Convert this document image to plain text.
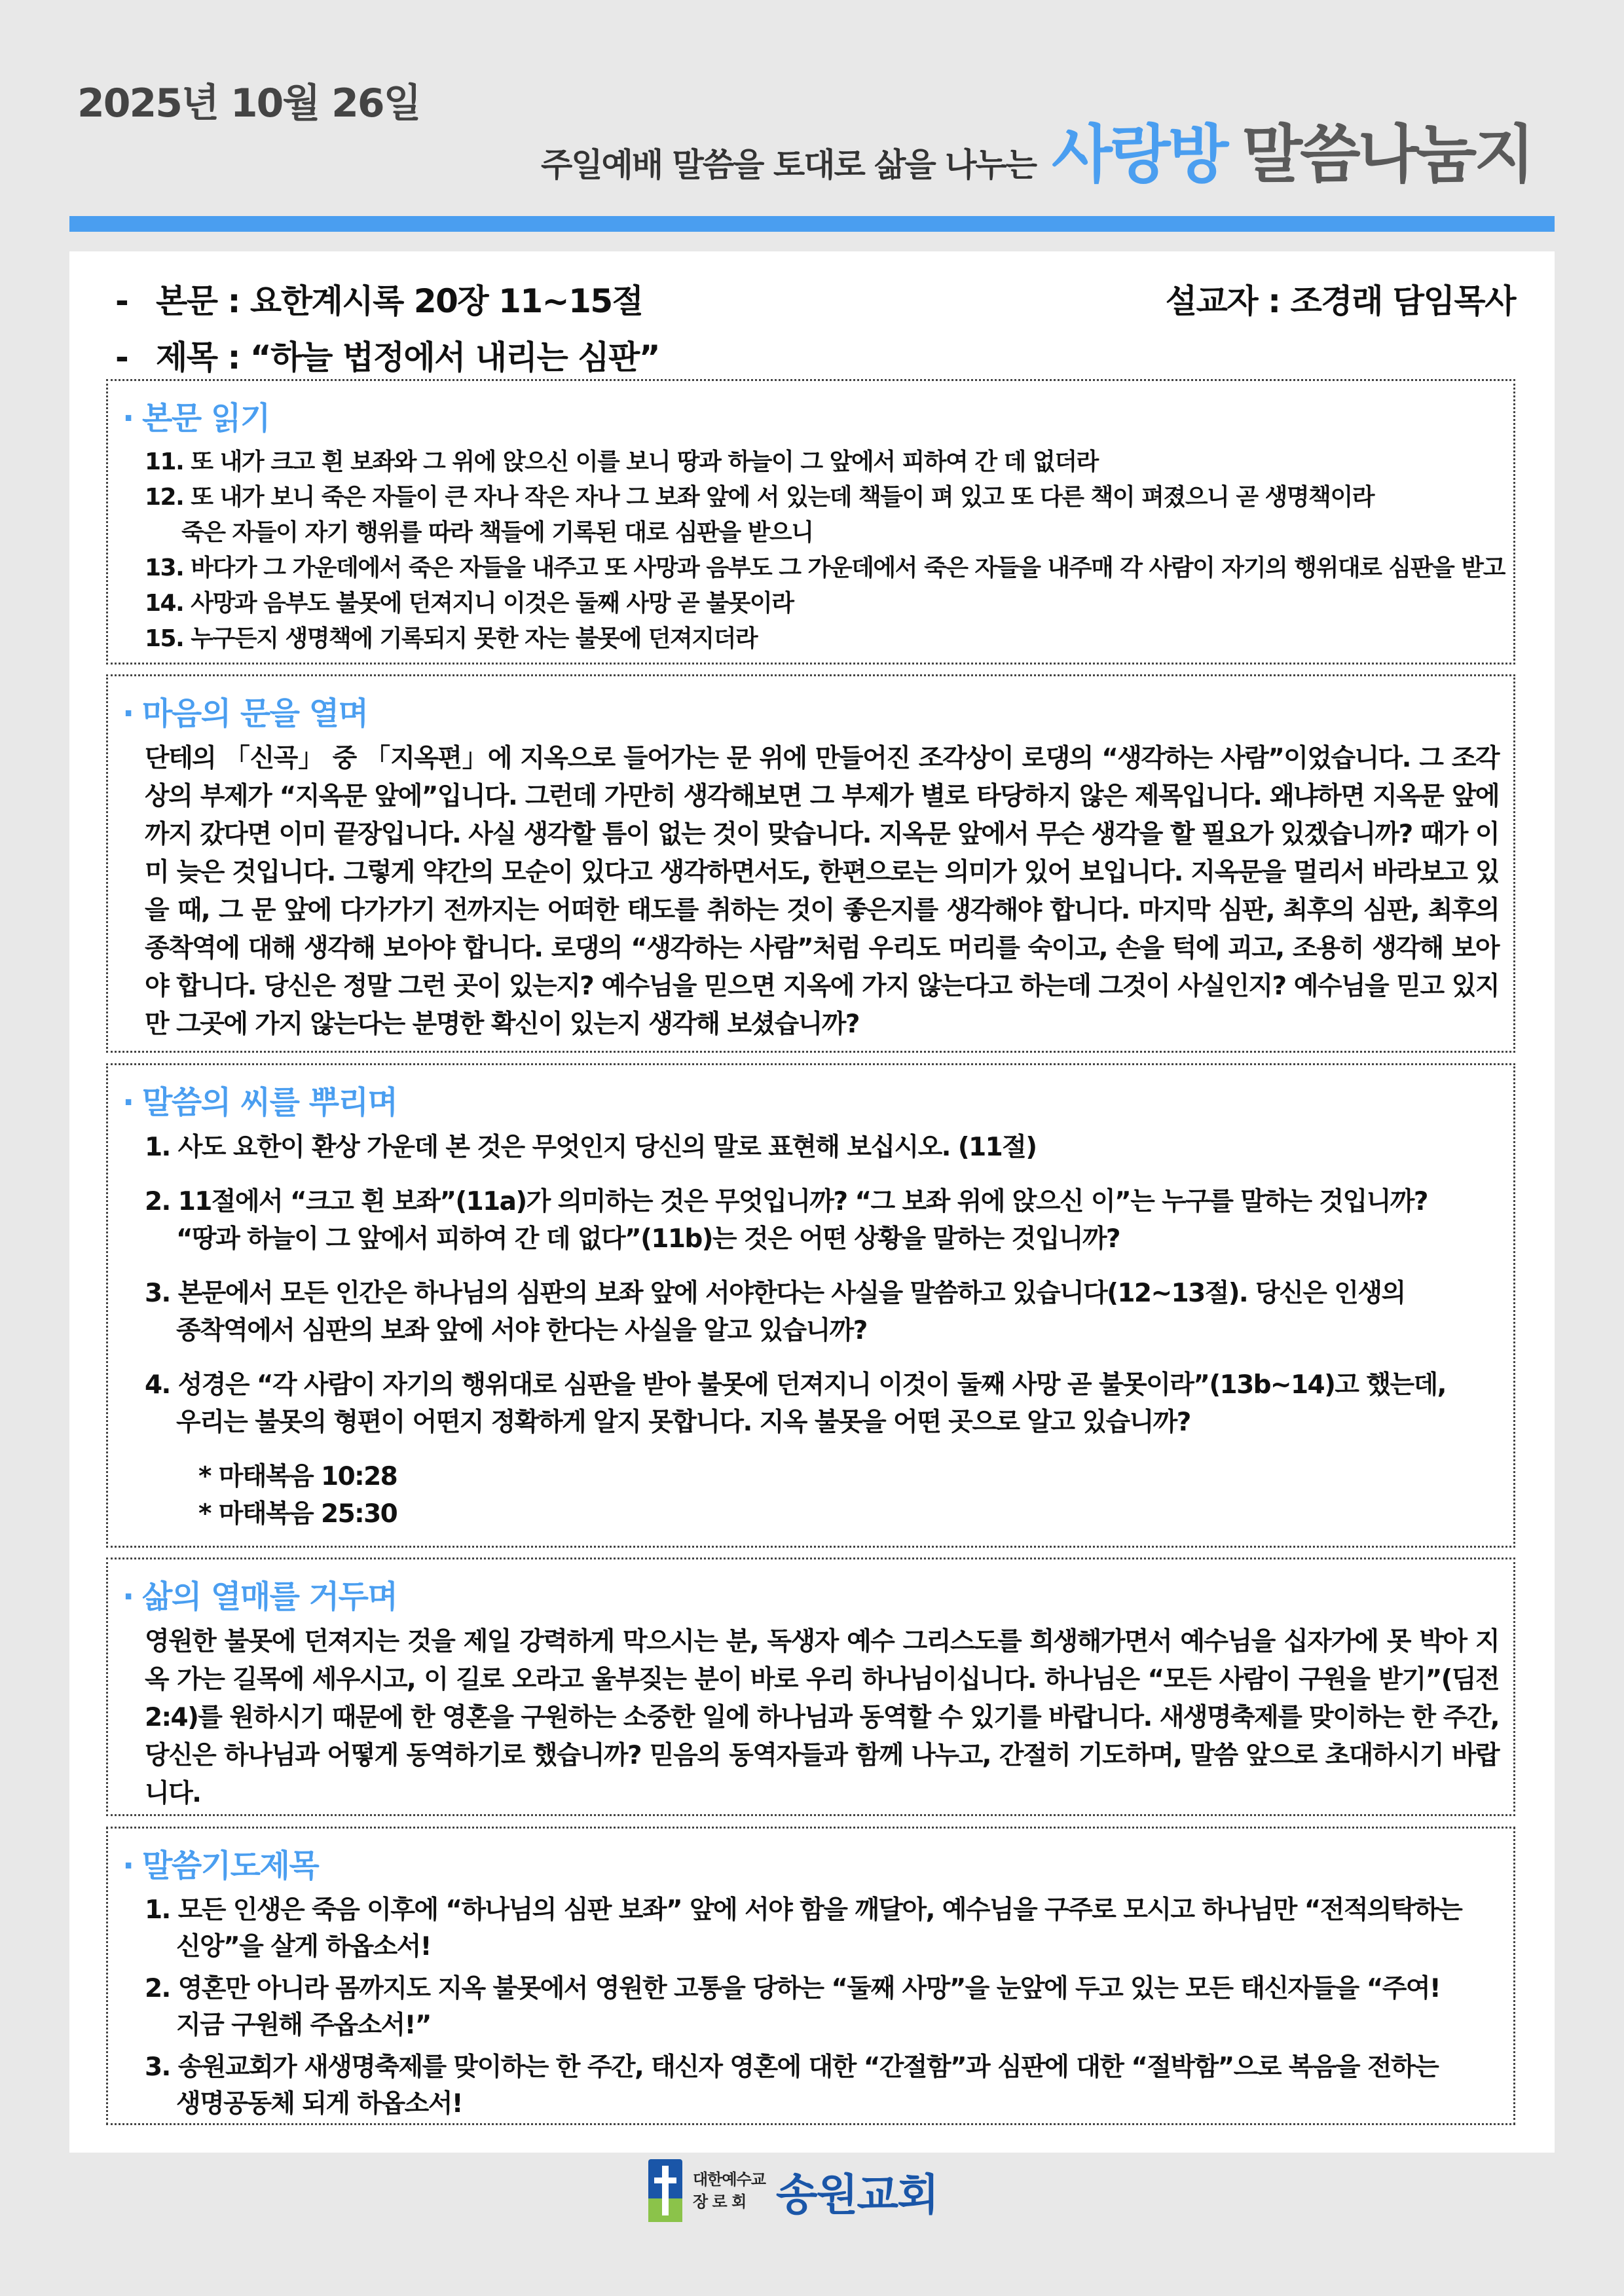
2025년 10월 26일
주일예배 말씀을 토대로 삶을 나누는 사랑방 말씀나눔지
- 본문 : 요한계시록 20장 11~15절
- 제목 : “하늘 법정에서 내리는 심판”
설교자 : 조경래 담임목사
· 본문 읽기
11. 또 내가 크고 흰 보좌와 그 위에 앉으신 이를 보니 땅과 하늘이 그 앞에서 피하여 간 데 없더라
12. 또 내가 보니 죽은 자들이 큰 자나 작은 자나 그 보좌 앞에 서 있는데 책들이 펴 있고 또 다른 책이 펴졌으니 곧 생명책이라
죽은 자들이 자기 행위를 따라 책들에 기록된 대로 심판을 받으니
13. 바다가 그 가운데에서 죽은 자들을 내주고 또 사망과 음부도 그 가운데에서 죽은 자들을 내주매 각 사람이 자기의 행위대로 심판을 받고
14. 사망과 음부도 불못에 던져지니 이것은 둘째 사망 곧 불못이라
15. 누구든지 생명책에 기록되지 못한 자는 불못에 던져지더라
· 마음의 문을 열며

단테의 「신곡」 중 「지옥편」에 지옥으로 들어가는 문 위에 만들어진 조각상이 로댕의 “생각하는 사람”이었습니다. 그 조각상의 부제가 “지옥문 앞에”입니다. 그런데 가만히 생각해보면 그 부제가 별로 타당하지 않은 제목입니다. 왜냐하면 지옥문 앞에까지 갔다면 이미 끝장입니다. 사실 생각할 틈이 없는 것이 맞습니다. 지옥문 앞에서 무슨 생각을 할 필요가 있겠습니까? 때가 이미 늦은 것입니다. 그렇게 약간의 모순이 있다고 생각하면서도, 한편으로는 의미가 있어 보입니다. 지옥문을 멀리서 바라보고 있을 때, 그 문 앞에 다가가기 전까지는 어떠한 태도를 취하는 것이 좋은지를 생각해야 합니다. 마지막 심판, 최후의 심판, 최후의 종착역에 대해 생각해 보아야 합니다. 로댕의 “생각하는 사람”처럼 우리도 머리를 숙이고, 손을 턱에 괴고, 조용히 생각해 보아야 합니다. 당신은 정말 그런 곳이 있는지? 예수님을 믿으면 지옥에 가지 않는다고 하는데 그것이 사실인지? 예수님을 믿고 있지만 그곳에 가지 않는다는 분명한 확신이 있는지 생각해 보셨습니까?

· 말씀의 씨를 뿌리며
1. 사도 요한이 환상 가운데 본 것은 무엇인지 당신의 말로 표현해 보십시오. (11절)
2. 11절에서 “크고 흰 보좌”(11a)가 의미하는 것은 무엇입니까? “그 보좌 위에 앉으신 이”는 누구를 말하는 것입니까?
“땅과 하늘이 그 앞에서 피하여 간 데 없다”(11b)는 것은 어떤 상황을 말하는 것입니까?
3. 본문에서 모든 인간은 하나님의 심판의 보좌 앞에 서야한다는 사실을 말씀하고 있습니다(12~13절). 당신은 인생의
종착역에서 심판의 보좌 앞에 서야 한다는 사실을 알고 있습니까?
4. 성경은 “각 사람이 자기의 행위대로 심판을 받아 불못에 던져지니 이것이 둘째 사망 곧 불못이라”(13b~14)고 했는데,
우리는 불못의 형편이 어떤지 정확하게 알지 못합니다. 지옥 불못을 어떤 곳으로 알고 있습니까?
* 마태복음 10:28
* 마태복음 25:30
· 삶의 열매를 거두며

영원한 불못에 던져지는 것을 제일 강력하게 막으시는 분, 독생자 예수 그리스도를 희생해가면서 예수님을 십자가에 못 박아 지옥 가는 길목에 세우시고, 이 길로 오라고 울부짖는 분이 바로 우리 하나님이십니다. 하나님은 “모든 사람이 구원을 받기”(딤전2:4)를 원하시기 때문에 한 영혼을 구원하는 소중한 일에 하나님과 동역할 수 있기를 바랍니다. 새생명축제를 맞이하는 한 주간, 당신은 하나님과 어떻게 동역하기로 했습니까? 믿음의 동역자들과 함께 나누고, 간절히 기도하며, 말씀 앞으로 초대하시기 바랍니다.

· 말씀기도제목
1. 모든 인생은 죽음 이후에 “하나님의 심판 보좌” 앞에 서야 함을 깨달아, 예수님을 구주로 모시고 하나님만 “전적의탁하는
신앙”을 살게 하옵소서!
2. 영혼만 아니라 몸까지도 지옥 불못에서 영원한 고통을 당하는 “둘째 사망”을 눈앞에 두고 있는 모든 태신자들을 “주여!
지금 구원해 주옵소서!”
3. 송원교회가 새생명축제를 맞이하는 한 주간, 태신자 영혼에 대한 “간절함”과 심판에 대한 “절박함”으로 복음을 전하는
생명공동체 되게 하옵소서!
대한예수교
장 로 회 송원교회
